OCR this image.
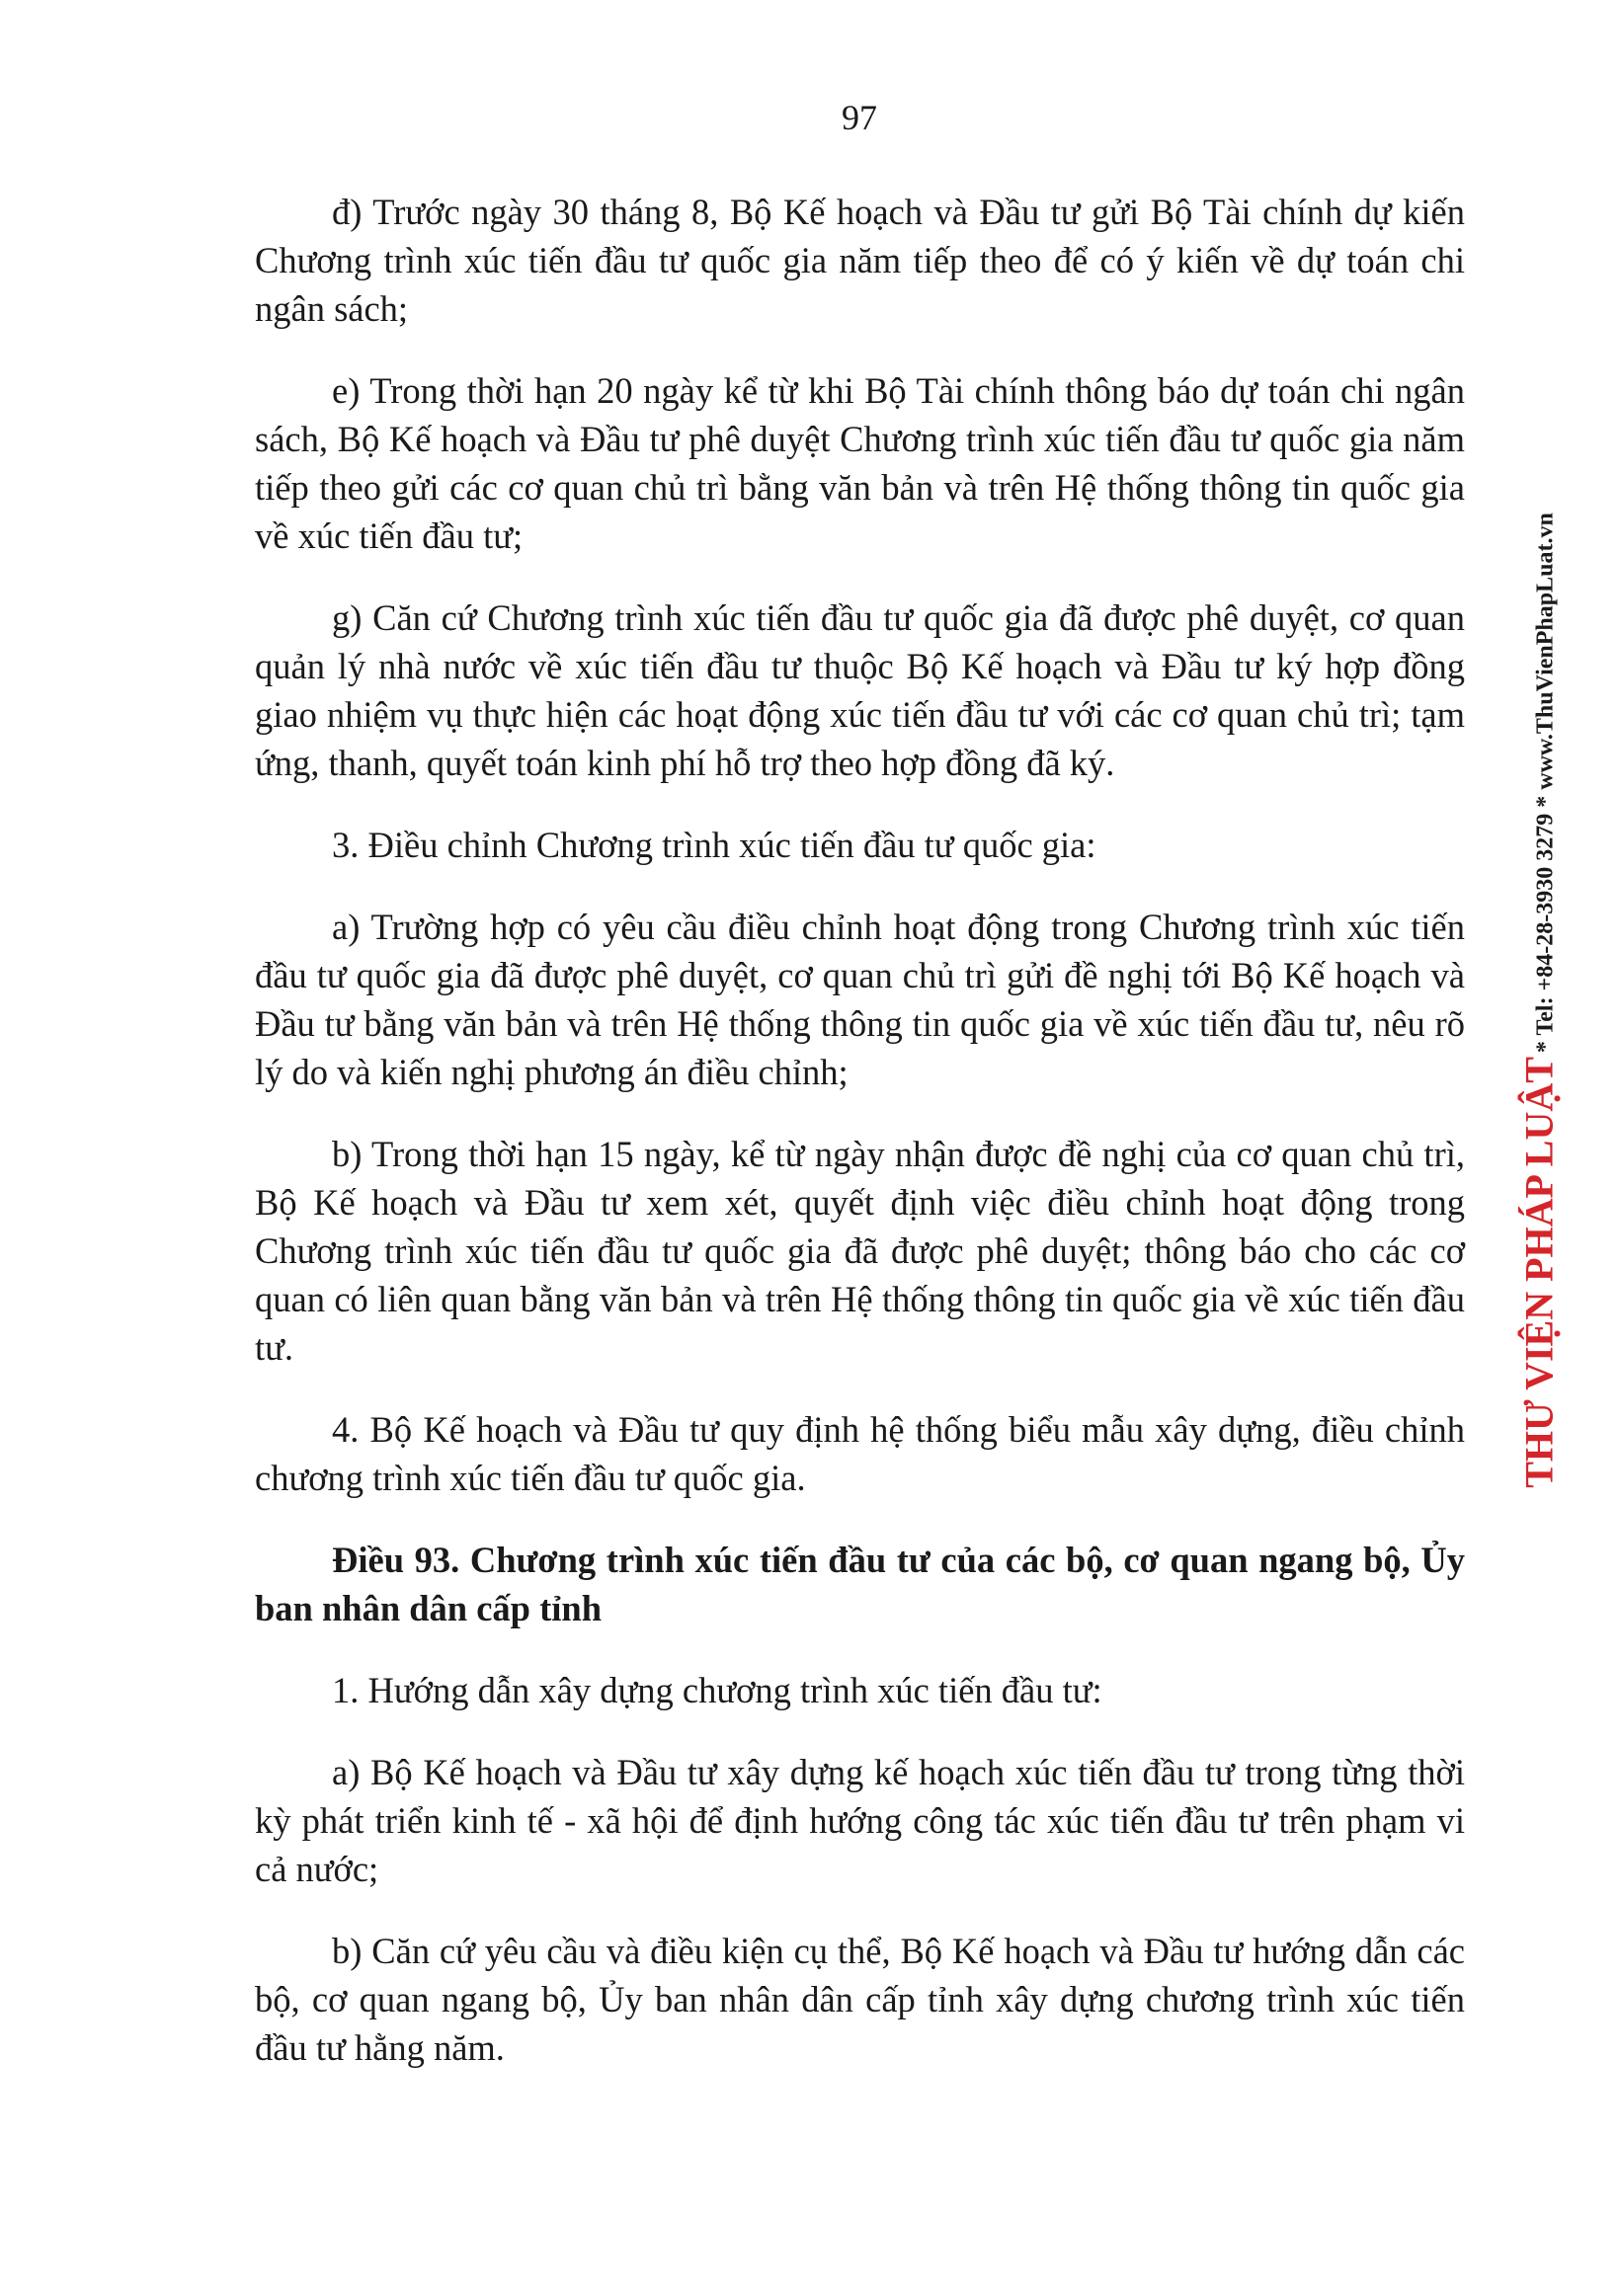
97

đ) Trước ngày 30 tháng 8, Bộ Kế hoạch và Đầu tư gửi Bộ Tài chính dự kiến Chương trình xúc tiến đầu tư quốc gia năm tiếp theo để có ý kiến về dự toán chi ngân sách;

e) Trong thời hạn 20 ngày kể từ khi Bộ Tài chính thông báo dự toán chi ngân sách, Bộ Kế hoạch và Đầu tư phê duyệt Chương trình xúc tiến đầu tư quốc gia năm tiếp theo gửi các cơ quan chủ trì bằng văn bản và trên Hệ thống thông tin quốc gia về xúc tiến đầu tư;

g) Căn cứ Chương trình xúc tiến đầu tư quốc gia đã được phê duyệt, cơ quan quản lý nhà nước về xúc tiến đầu tư thuộc Bộ Kế hoạch và Đầu tư ký hợp đồng giao nhiệm vụ thực hiện các hoạt động xúc tiến đầu tư với các cơ quan chủ trì; tạm ứng, thanh, quyết toán kinh phí hỗ trợ theo hợp đồng đã ký.

3. Điều chỉnh Chương trình xúc tiến đầu tư quốc gia:

a) Trường hợp có yêu cầu điều chỉnh hoạt động trong Chương trình xúc tiến đầu tư quốc gia đã được phê duyệt, cơ quan chủ trì gửi đề nghị tới Bộ Kế hoạch và Đầu tư bằng văn bản và trên Hệ thống thông tin quốc gia về xúc tiến đầu tư, nêu rõ lý do và kiến nghị phương án điều chỉnh;

b) Trong thời hạn 15 ngày, kể từ ngày nhận được đề nghị của cơ quan chủ trì, Bộ Kế hoạch và Đầu tư xem xét, quyết định việc điều chỉnh hoạt động trong Chương trình xúc tiến đầu tư quốc gia đã được phê duyệt; thông báo cho các cơ quan có liên quan bằng văn bản và trên Hệ thống thông tin quốc gia về xúc tiến đầu tư.

4. Bộ Kế hoạch và Đầu tư quy định hệ thống biểu mẫu xây dựng, điều chỉnh chương trình xúc tiến đầu tư quốc gia.

Điều 93. Chương trình xúc tiến đầu tư của các bộ, cơ quan ngang bộ, Ủy ban nhân dân cấp tỉnh

1. Hướng dẫn xây dựng chương trình xúc tiến đầu tư:

a) Bộ Kế hoạch và Đầu tư xây dựng kế hoạch xúc tiến đầu tư trong từng thời kỳ phát triển kinh tế - xã hội để định hướng công tác xúc tiến đầu tư trên phạm vi cả nước;

b) Căn cứ yêu cầu và điều kiện cụ thể, Bộ Kế hoạch và Đầu tư hướng dẫn các bộ, cơ quan ngang bộ, Ủy ban nhân dân cấp tỉnh xây dựng chương trình xúc tiến đầu tư hằng năm.

THƯ VIỆN PHÁP LUẬT * Tel: +84-28-3930 3279 * www.ThuVienPhapLuat.vn
